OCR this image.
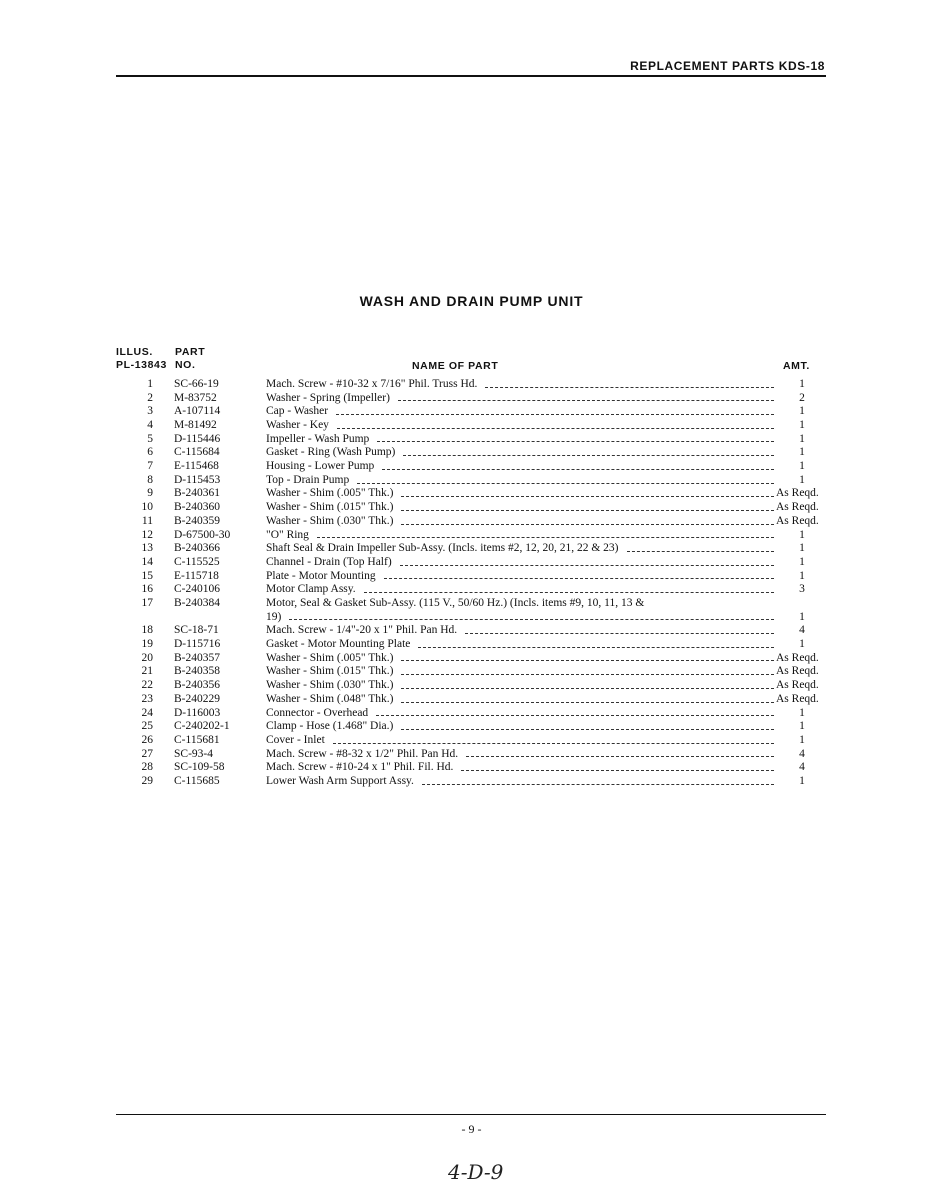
REPLACEMENT PARTS KDS-18
WASH AND DRAIN PUMP UNIT
ILLUS.
PL-13843
PART
NO.	NAME OF PART	AMT.
1	SC-66-19	Mach. Screw - #10-32 x 7/16" Phil. Truss Hd.	1
2	M-83752	Washer - Spring (Impeller)	2
3	A-107114	Cap - Washer	1
4	M-81492	Washer - Key	1
5	D-115446	Impeller - Wash Pump	1
6	C-115684	Gasket - Ring (Wash Pump)	1
7	E-115468	Housing - Lower Pump	1
8	D-115453	Top - Drain Pump	1
9	B-240361	Washer - Shim (.005" Thk.)	As Reqd.
10	B-240360	Washer - Shim (.015" Thk.)	As Reqd.
11	B-240359	Washer - Shim (.030" Thk.)	As Reqd.
12	D-67500-30	"O" Ring	1
13	B-240366	Shaft Seal & Drain Impeller Sub-Assy. (Incls. items #2, 12, 20, 21, 22 & 23)	1
14	C-115525	Channel - Drain (Top Half)	1
15	E-115718	Plate - Motor Mounting	1
16	C-240106	Motor Clamp Assy.	3
17	B-240384	Motor, Seal & Gasket Sub-Assy. (115 V., 50/60 Hz.) (Incls. items #9, 10, 11, 13 &
19)	1
18	SC-18-71	Mach. Screw - 1/4"-20 x 1" Phil. Pan Hd.	4
19	D-115716	Gasket - Motor Mounting Plate	1
20	B-240357	Washer - Shim (.005" Thk.)	As Reqd.
21	B-240358	Washer - Shim (.015" Thk.)	As Reqd.
22	B-240356	Washer - Shim (.030" Thk.)	As Reqd.
23	B-240229	Washer - Shim (.048" Thk.)	As Reqd.
24	D-116003	Connector - Overhead	1
25	C-240202-1	Clamp - Hose (1.468" Dia.)	1
26	C-115681	Cover - Inlet	1
27	SC-93-4	Mach. Screw - #8-32 x 1/2" Phil. Pan Hd.	4
28	SC-109-58	Mach. Screw - #10-24 x 1" Phil. Fil. Hd.	4
29	C-115685	Lower Wash Arm Support Assy.	1
- 9 -
4-D-9
